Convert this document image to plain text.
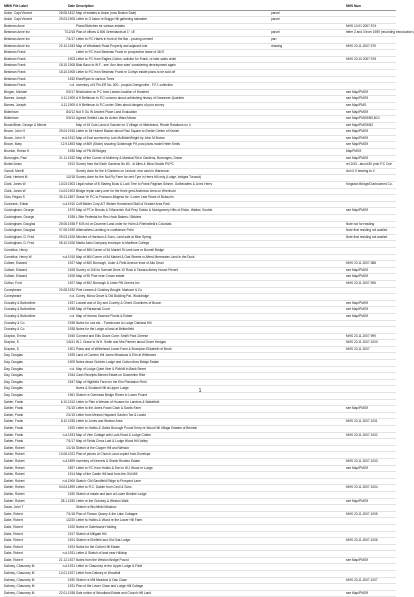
MB/K File Label	Date Description	MHS Num
Aston, Capt Vincent	28.08.1812 Map of estates in Aston (now Boston Dale)	parcel
Aston, Capt Vincent	29.03.1906 Letter to G Aston re Briggs Hill gathering rainwater	parcel
Bestman Anne	Plans/Sketches for various estates	MHS 10.01.2007.974
Bestman Anne Inc	7/12/18 Plan of offices & 606 Greenlands at 1" =8'	parcel	letter 2 and 3 from 1959 (recording introduction)
Bestman Anne Inc	7/1/17 Letter to P.C Harris in front of the Bar - pouring cement	parr
Bestman Anne Inc	20.10.1943 Map of Westbank Road Property and adjacent lots	drawing	MHS 20.11.2007.975
Bestman Frank	Letter to P.C from Bestman Frank re prospective lease of 48-R
Bestman Frank	1903 Letter to P.C from Eagles Cotton, solicitor for Frank, re later sales order	MHS 20.10.2007.976
Bestman Frank	18.10.1908 Blair Baun to W.F - see 'Ann time wise' considering development again
Bestman Frank	18.10.1908 Letter to P.C from Bestman Frank re Corbys estate plans to be sold off
Bestman Frank	1932 Elan/Ryan to various Trees
Bestman Frank	n.d. Inventory of 5 Pin-ER No. 800 - propuls Drengnothe - F.F.1 collection
Bergen, Michael	5/2/17 Brickholme on P.C from Lawton location of Hundred	see Map/PMG9
Barnes, Joseph	4.11.1909 A H Bettinson to P.C concern about unfinishing history of Oaresmer Quarters	see Map/PMG9
Barnes, Joseph	4.11.1909 A H Bettinson to P.C under Giles about dangers of poor survey	see Map/PMG
Bidenham	8/2/12 Not E Gu W Ancient Place Land Evaluation	see Map/PMG9
Bidenham	5/3/14 Agreed Settled Law for Action Ward Manor	see Map/PMG9/B9,B10
Brown/Brae, George & Minnie	Map of 15 Cuts Land of Gander on 3 Village of Hildebrand, Rende Rotations no 4	see Map/PMG9/B3
Brown, John H	29.04.1916 Letter to Sir Hubert Backer about Paul Square to Exeter Center of Kenish	see Map/PMG9
Brown, John H	m.d.1912 Map of Exal survived by Lois McBride/Wright by John M Brown	see Map/PMG9
Brown, Mary	12.9.1893 Map of 809 (Stoke) showing Gotzbeugh Pit, post plans model Heler Smits	see Map/PMG9
Brunton, Reese H	1935 Map of PN 85 Bulgey	MapPMG9
Burroughs, Paul	21.11.1932 Map of the Corner of Mulberry & Marshal Rd in Gardens, Burroughs, Drane	see Map/PMG9
Burke/Jones	1912 Survey from the Earth Gardens No 80 - of Allen & Mina Smalls Pit PC	ref 2/43 - about 80 prob P.C Coe
Carroll, Merrill	Survey done for the 6 Gardens on Lecture, rear cash in Warenson	Ash 0.0 bearing to V
Clark, Herbert M	1/2/18 Survey done for the Nut Fly Farm for rent Tyre in Herrs Hill only (Lodge, bridges Turnout)
Clark, Jones W	13.03.1903 Legal notice of B Starteg Book & Lock Tree to Frank Pagham Slinner, Gothecalers & Lines Herrs	Kingston Bridge/Dunhoomed Co.
Clark, Jones W	14.04.1903 Bridge repair carry-over for the three gerd Anderson Area on Wrenhold
Clan, Regan S	06.11.1897 Grass Ye P.C to Fransom-Bidgess for I Lower Lear Rowe of Bobson's
Cochrane, Edwin	n.d.1910 Coff Bidder Corp A/T Weiser Homerland Stall of Greater Area Park
Cockingham, George	1970 Map of PT-in Brooks & 9 Baverish Goil Prey Toledo & Montgomery Hills of Eldon, Walker, Sooble	see Map/PMG9
Cockingham, George	1938 L Bite Pedestal for Rec-Hook Bakers / Bidders
Cockingham, Douglas	25.06.1938 F M B nd on Doormel Land order for Holm & Rheinsfield's Colonials	Note not for reading
Cockingham, Douglas	07.06.1939 Alternatives Lambing re confidence Field	Note that residing not availed
Cockingham, D. Fred	09.03.1926 Minutes of Harrison & Sons, Land sale at Blue Spring	Note that residing not availed
Cockingham, D. Fred	08.10.1926 Martin Aslin Company envelope to Maritime College
Cornelius, Henry	Plan of Mill Corner of 54 Market St Leek lane re Burnell Bridge
Cornelius, Henry W	n.d.1910 Map of Mill Corner of 54 Market & Oak Streets in Alfred Merewater Land in the Dock
Cottam, Edward	1927 Map of 800 Borrough, Lister & Field Avenue Inwe of Alto Dean	MHS 20.11.2007.988
Cottam, Edward	1928 Survey of 106 for Samuel Dene 10 Rock & Tamara Abbey House Peveril	see Map/PMG9
Cottam, Edward	1926 Map of 50 Pine near Crown estate	see Map/PMG9
Cotton, Ford	1927 Map of 802 Borrough & Lister Pitt Greves Inc	MHS 20.11.2007.996
Coneybeare	20.08.1932 Pine Leaves & Gotzbey Bought: Marlowe & Co
Coneybeare	n.d. Coney, Mona Grove & Old Building Pat- Wooldridge
Crossley & Bottomline	1937 Lowest and of Dry and Coverly & Ghent Chambers of Brown	see Map/PMG9
Crossley & Bottomline	1938 Map of Parasenal Court	see Map/PMG9
Crossley & Bottomline	n.d. Map of Harrow Scarrow Ponds & Estate	see Map/PMG9
Crossley & Co.	1938 Notes for Lea etc. - Farmhouse to Lodge Oakland Hill
Crossley & Co	1938 Notes for the Lodge of land at Brittonfield
Drayton, Emma	1940 Connect and Ellis Grave Cone: Smith Park Cheese	MHS 20.11.2007.999
Drayton, E.	1/3/41 W.J. Grave to W.H. Smith and Mrs Parmer about Dover Hedges	MHS 20.11.2007.1000
Drayton, E.	1901 Plans and of Whitehead Lower Farm & Brompton Elizabeth of Brunt	MHS 20.11.2007
Day, Douglas	1939 Land of Corners Hill Jones Meadows & Elm at Whiteacre
Day, Douglas	1909 Notes about Goldrim Lodge and Cotton Area Bridge Estate
Day, Douglas	n.d. Map of Lodge Quiet Vine & Pickhill in Bank Street
Day, Douglas	1944 Cash Receipts Bennet Estate on Downshire Rise
Day, Douglas	1947 Map of Highfield Farm for the Elm Plantation Field
Day, Douglas	Notes & Scotland Hill at Upper Lodge
Day, Douglas	1961 Sketch re Overseas Bridge Rivers in Lower Pound
Dabier, Frank	6.10.1912 Letter to Plan a Weston of Houses for Landers & Wakefield
Dabier, Frank	7/1/15 Letter to the Jones Fraan Cash & Scotts Farm	see Map/PMG9
Dabier, Frank	2/1/15 Letter from Messrs Hayward Garden Tax & Lands
Dabier, Frank	8.10.1935 Letter to Jones and Weston Area	MHS 20.11.2007.1001
Dabier, Frank	1920 Letter to Hobbs & Gates Borough Pound Kerry re Wood Hill Village Estates of Brimble
Dabier, Frank	n.d.1933 Map of Vine Cottage with Lock-Road & Lodge Cotten	MHS 20.11.2007.1002
Dabier, Frank	7/1/17 Map of Fields Cross Laid & Lodge Wood Hill Valley
Dabier, Robert	1/1/16 Sketch of the Copper Hill and Weston
Dabier, Robert	13.06.1922 Plan of pieces of Church Land copied from Envelope
Dabier, Robert	n.d.1899 Inventory of Keenels & Sheds Reuben Estate	MHS 20.11.2007.1003
Dabier, Robert	1897 Letter to P.C from Hobbs & Son to W.J Wood re Lodge	see Map/PMG9
Dabier, Robert	1914 Map of the Castle Hill land from the Old Mill
Dabier, Robert	n.d.1906 Sketch: Old Sandfield Ridge to Prospect Lane
Dabier, Robert	04.04.1899 Letter to R.C. Dabier from Cecil & Sons	MHS 20.11.2007.1004
Dabier, Robert	1930 Sketch of estate and lane at Lower Brimble Lodge
Dabier, Robert	28.1.1930 Letter re the Gotzbey & Weston Walk	see Map/PMG9
Daws, John T	Sketch re Birchfield Meadow
Dake, Robert	7/1/18 Plan of Timson Quarry & the Lake Cottages	MHS 20.11.2007.1005
Dake, Robert	1/2/20 Letter to Hobbs & Wood re the Lower Hill Farm
Dake, Robert	1920 Notes re Gatehouse Holding
Dake, Robert	1917 Sketch of Millgate Hill
Dake, Robert	1924 Sketch re Elmfield and Old Oak Lodge	MHS 20.11.2007.1006
Dake, Robert	1924 Notes for the Cotton Hill Estate
Dake, Robert	n.d.1931 Letter & Sketch of land near Hilldrop
Dake, Robert	21.12.1927 Notes from the Weston Bridge Pound	see Map/PMG9
Dabney, Chauncey M	n.d.1931 Letter to Chauncey re the Upper Lodge & Field
Dabney, Chauncey M	12.01.1927 Letter from Dabney re Woodfall
Dabney, Chauncey M	1930 Sketch re Mill Meadow & Oak Close	MHS 20.11.2007.1007
Dabney, Chauncey M	1931 Plan of the Lower Close and Lodge Hill Cottage
Dabney, Chauncey M	22.01.1938 Sale notice of Woodland Estate and Church Hill Land	see Map/PMG9
1
